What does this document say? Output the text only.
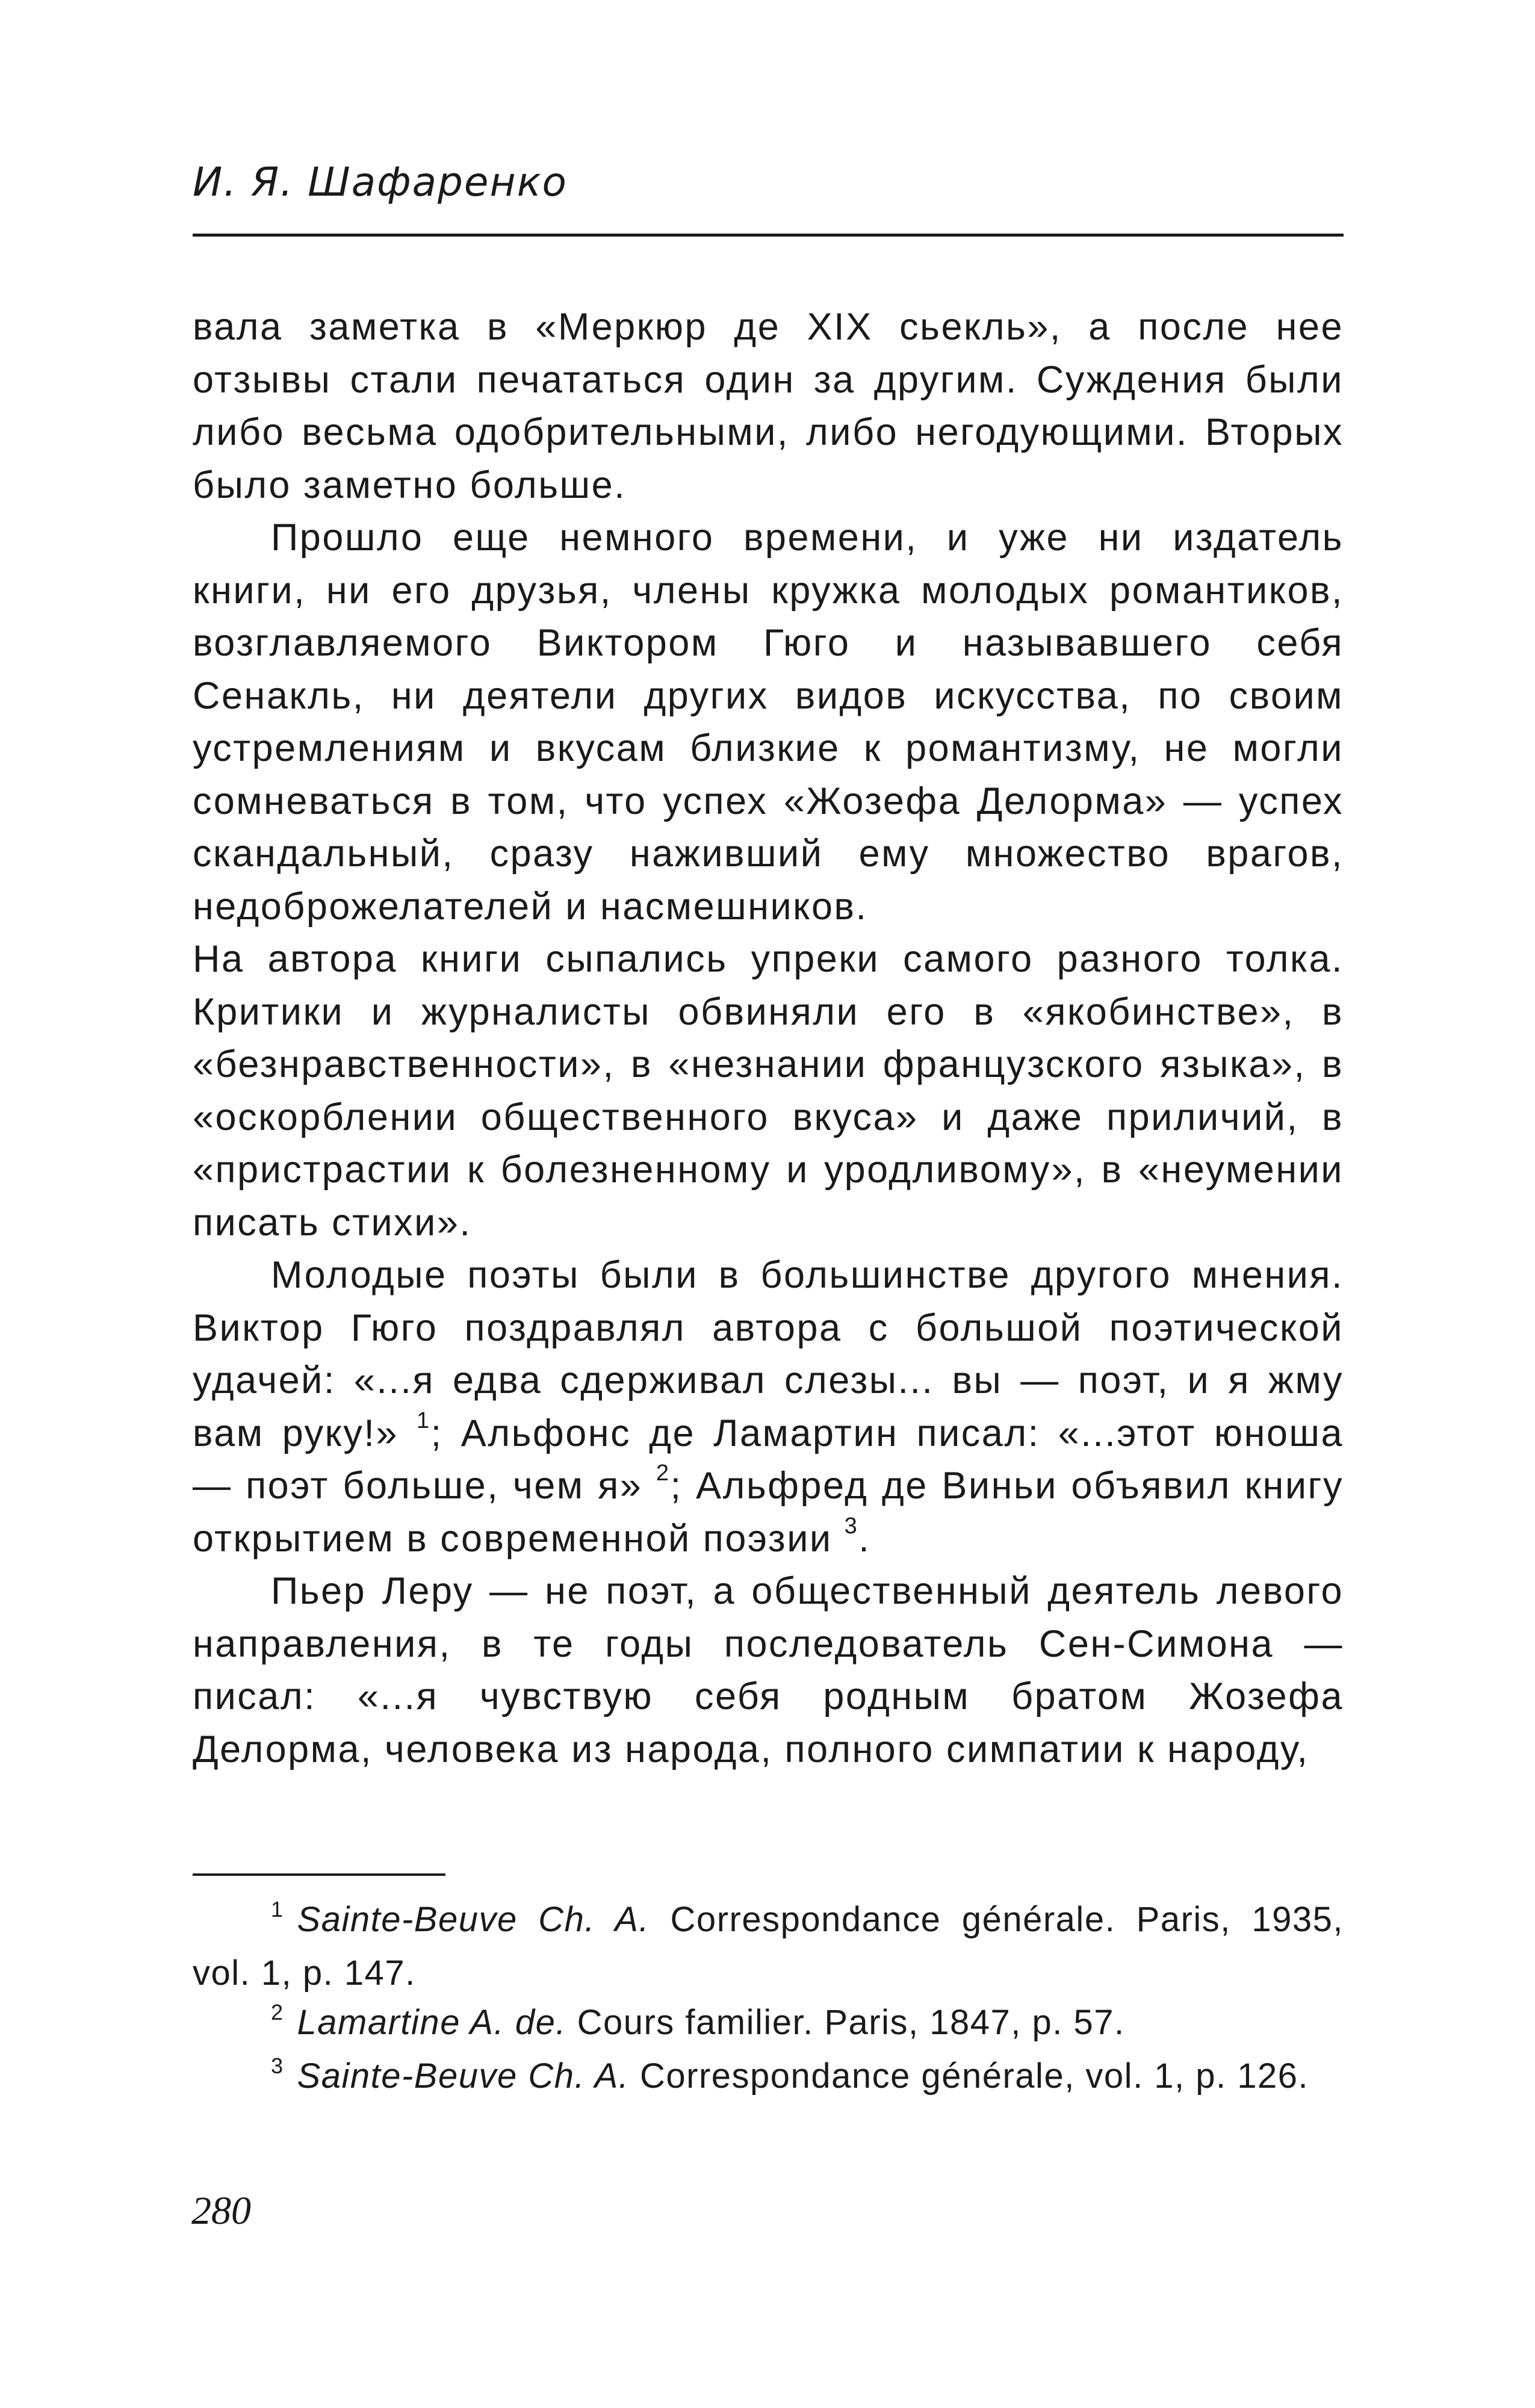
И. Я. Шафаренко

вала заметка в «Меркюр де XIX сьекль», а после нее отзывы стали печататься один за другим. Суждения были либо весьма одобрительными, либо негодующими. Вторых было заметно больше.

Прошло еще немного времени, и уже ни издатель книги, ни его друзья, члены кружка молодых романтиков, возглавляемого Виктором Гюго и называвшего себя Сенакль, ни деятели других видов искусства, по своим устремлениям и вкусам близкие к романтизму, не могли сомневаться в том, что успех «Жозефа Делорма» — успех скандальный, сразу наживший ему множество врагов, недоброжелателей и насмешников.

На автора книги сыпались упреки самого разного толка. Критики и журналисты обвиняли его в «якобинстве», в «безнравственности», в «незнании французского языка», в «оскорблении общественного вкуса» и даже приличий, в «пристрастии к болезненному и уродливому», в «неумении писать стихи».

Молодые поэты были в большинстве другого мнения. Виктор Гюго поздравлял автора с большой поэтической удачей: «...я едва сдерживал слезы... вы — поэт, и я жму вам руку!» $^1$; Альфонс де Ламартин писал: «...этот юноша — поэт больше, чем я» $^2$; Альфред де Виньи объявил книгу открытием в современной поэзии $^3$.

Пьер Леру — не поэт, а общественный деятель левого направления, в те годы последователь Сен-Симона — писал: «...я чувствую себя родным братом Жозефа Делорма, человека из народа, полного симпатии к народу,

$^1$ Sainte-Beuve Ch. A. Correspondance générale. Paris, 1935, vol. 1, p. 147.

$^2$ Lamartine A. de. Cours familier. Paris, 1847, p. 57.

$^3$ Sainte-Beuve Ch. A. Correspondance générale, vol. 1, p. 126.

280
